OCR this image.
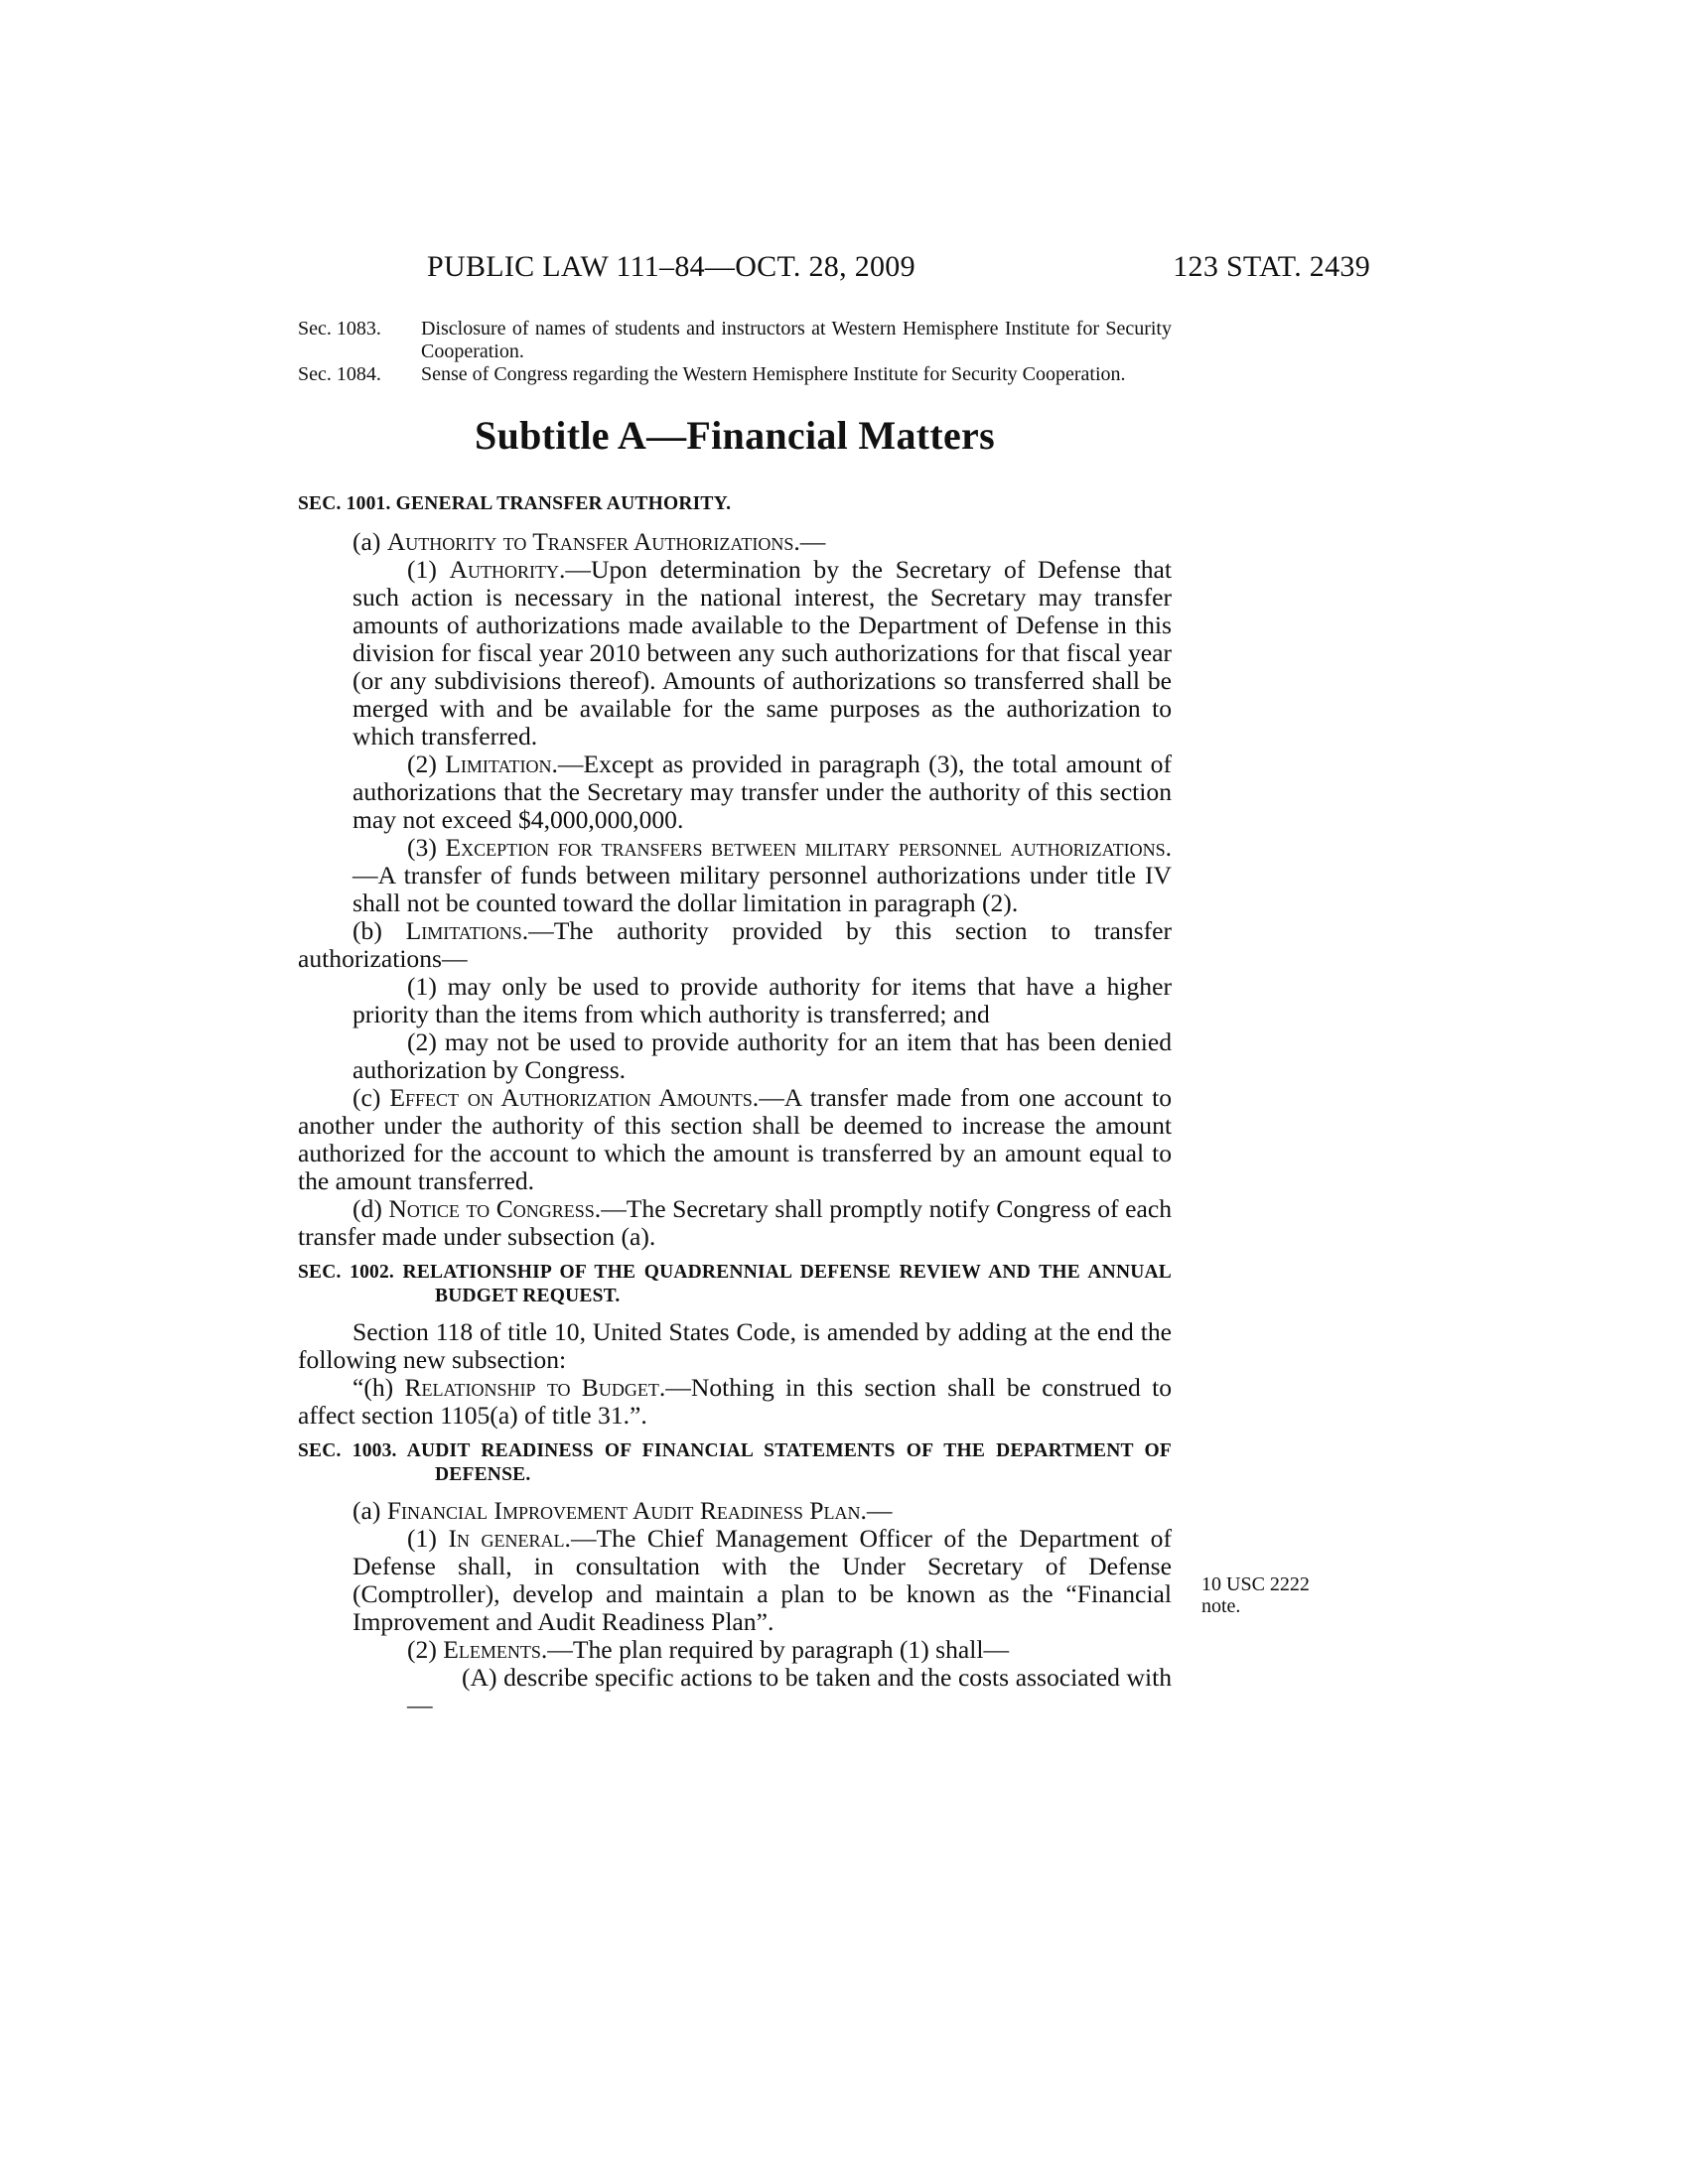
PUBLIC LAW 111–84—OCT. 28, 2009	123 STAT. 2439
Sec. 1083. Disclosure of names of students and instructors at Western Hemisphere Institute for Security Cooperation.
Sec. 1084. Sense of Congress regarding the Western Hemisphere Institute for Security Cooperation.
Subtitle A—Financial Matters
SEC. 1001. GENERAL TRANSFER AUTHORITY.

(a) Authority to Transfer Authorizations.—

(1) Authority.—Upon determination by the Secretary of Defense that such action is necessary in the national interest, the Secretary may transfer amounts of authorizations made available to the Department of Defense in this division for fiscal year 2010 between any such authorizations for that fiscal year (or any subdivisions thereof). Amounts of authorizations so transferred shall be merged with and be available for the same purposes as the authorization to which transferred.

(2) Limitation.—Except as provided in paragraph (3), the total amount of authorizations that the Secretary may transfer under the authority of this section may not exceed $4,000,000,000.

(3) Exception for transfers between military personnel authorizations.—A transfer of funds between military personnel authorizations under title IV shall not be counted toward the dollar limitation in paragraph (2).

(b) Limitations.—The authority provided by this section to transfer authorizations—

(1) may only be used to provide authority for items that have a higher priority than the items from which authority is transferred; and

(2) may not be used to provide authority for an item that has been denied authorization by Congress.

(c) Effect on Authorization Amounts.—A transfer made from one account to another under the authority of this section shall be deemed to increase the amount authorized for the account to which the amount is transferred by an amount equal to the amount transferred.

(d) Notice to Congress.—The Secretary shall promptly notify Congress of each transfer made under subsection (a).

SEC. 1002. RELATIONSHIP OF THE QUADRENNIAL DEFENSE REVIEW AND THE ANNUAL BUDGET REQUEST.

Section 118 of title 10, United States Code, is amended by adding at the end the following new subsection:

“(h) Relationship to Budget.—Nothing in this section shall be construed to affect section 1105(a) of title 31.”.

SEC. 1003. AUDIT READINESS OF FINANCIAL STATEMENTS OF THE DEPARTMENT OF DEFENSE.

(a) Financial Improvement Audit Readiness Plan.—

(1) In general.—The Chief Management Officer of the Department of Defense shall, in consultation with the Under Secretary of Defense (Comptroller), develop and maintain a plan to be known as the “Financial Improvement and Audit Readiness Plan”.

(2) Elements.—The plan required by paragraph (1) shall—

(A) describe specific actions to be taken and the costs associated with—

10 USC 2222 note.
